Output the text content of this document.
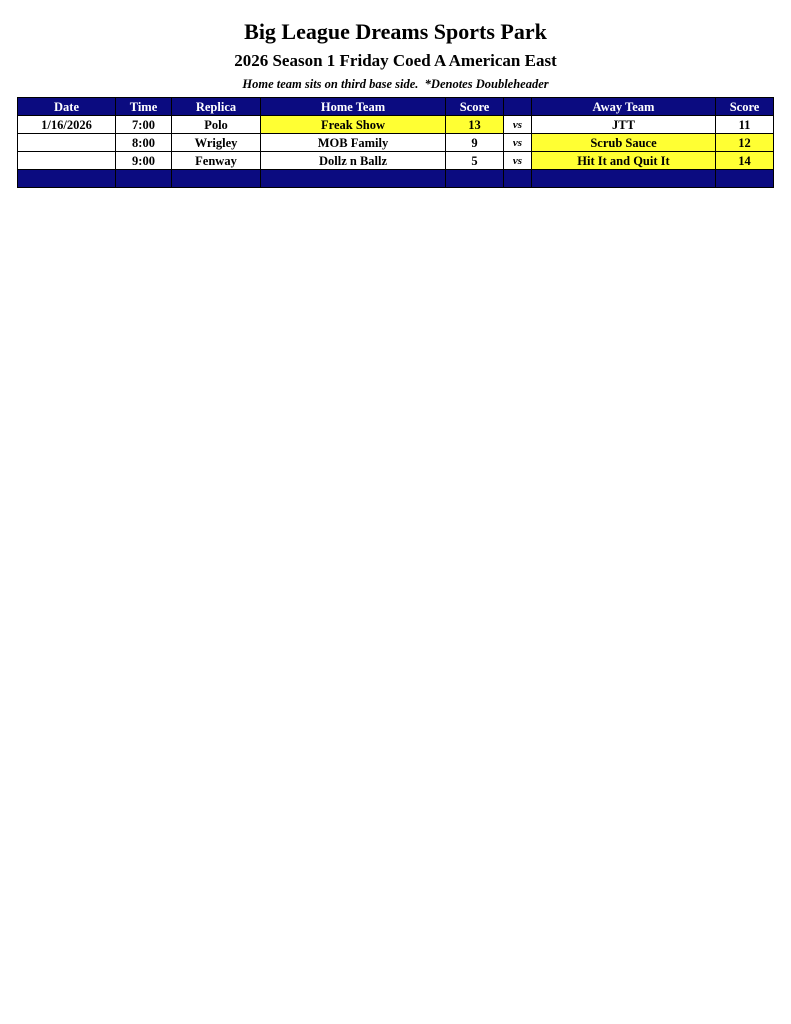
Big League Dreams Sports Park
2026 Season 1 Friday Coed A American East
Home team sits on third base side.  *Denotes Doubleheader
Date	Time	Replica	Home Team	Score		Away Team	Score
1/16/2026	7:00	Polo	Freak Show	13	vs	JTT	11
	8:00	Wrigley	MOB Family	9	vs	Scrub Sauce	12
	9:00	Fenway	Dollz n Ballz	5	vs	Hit It and Quit It	14
